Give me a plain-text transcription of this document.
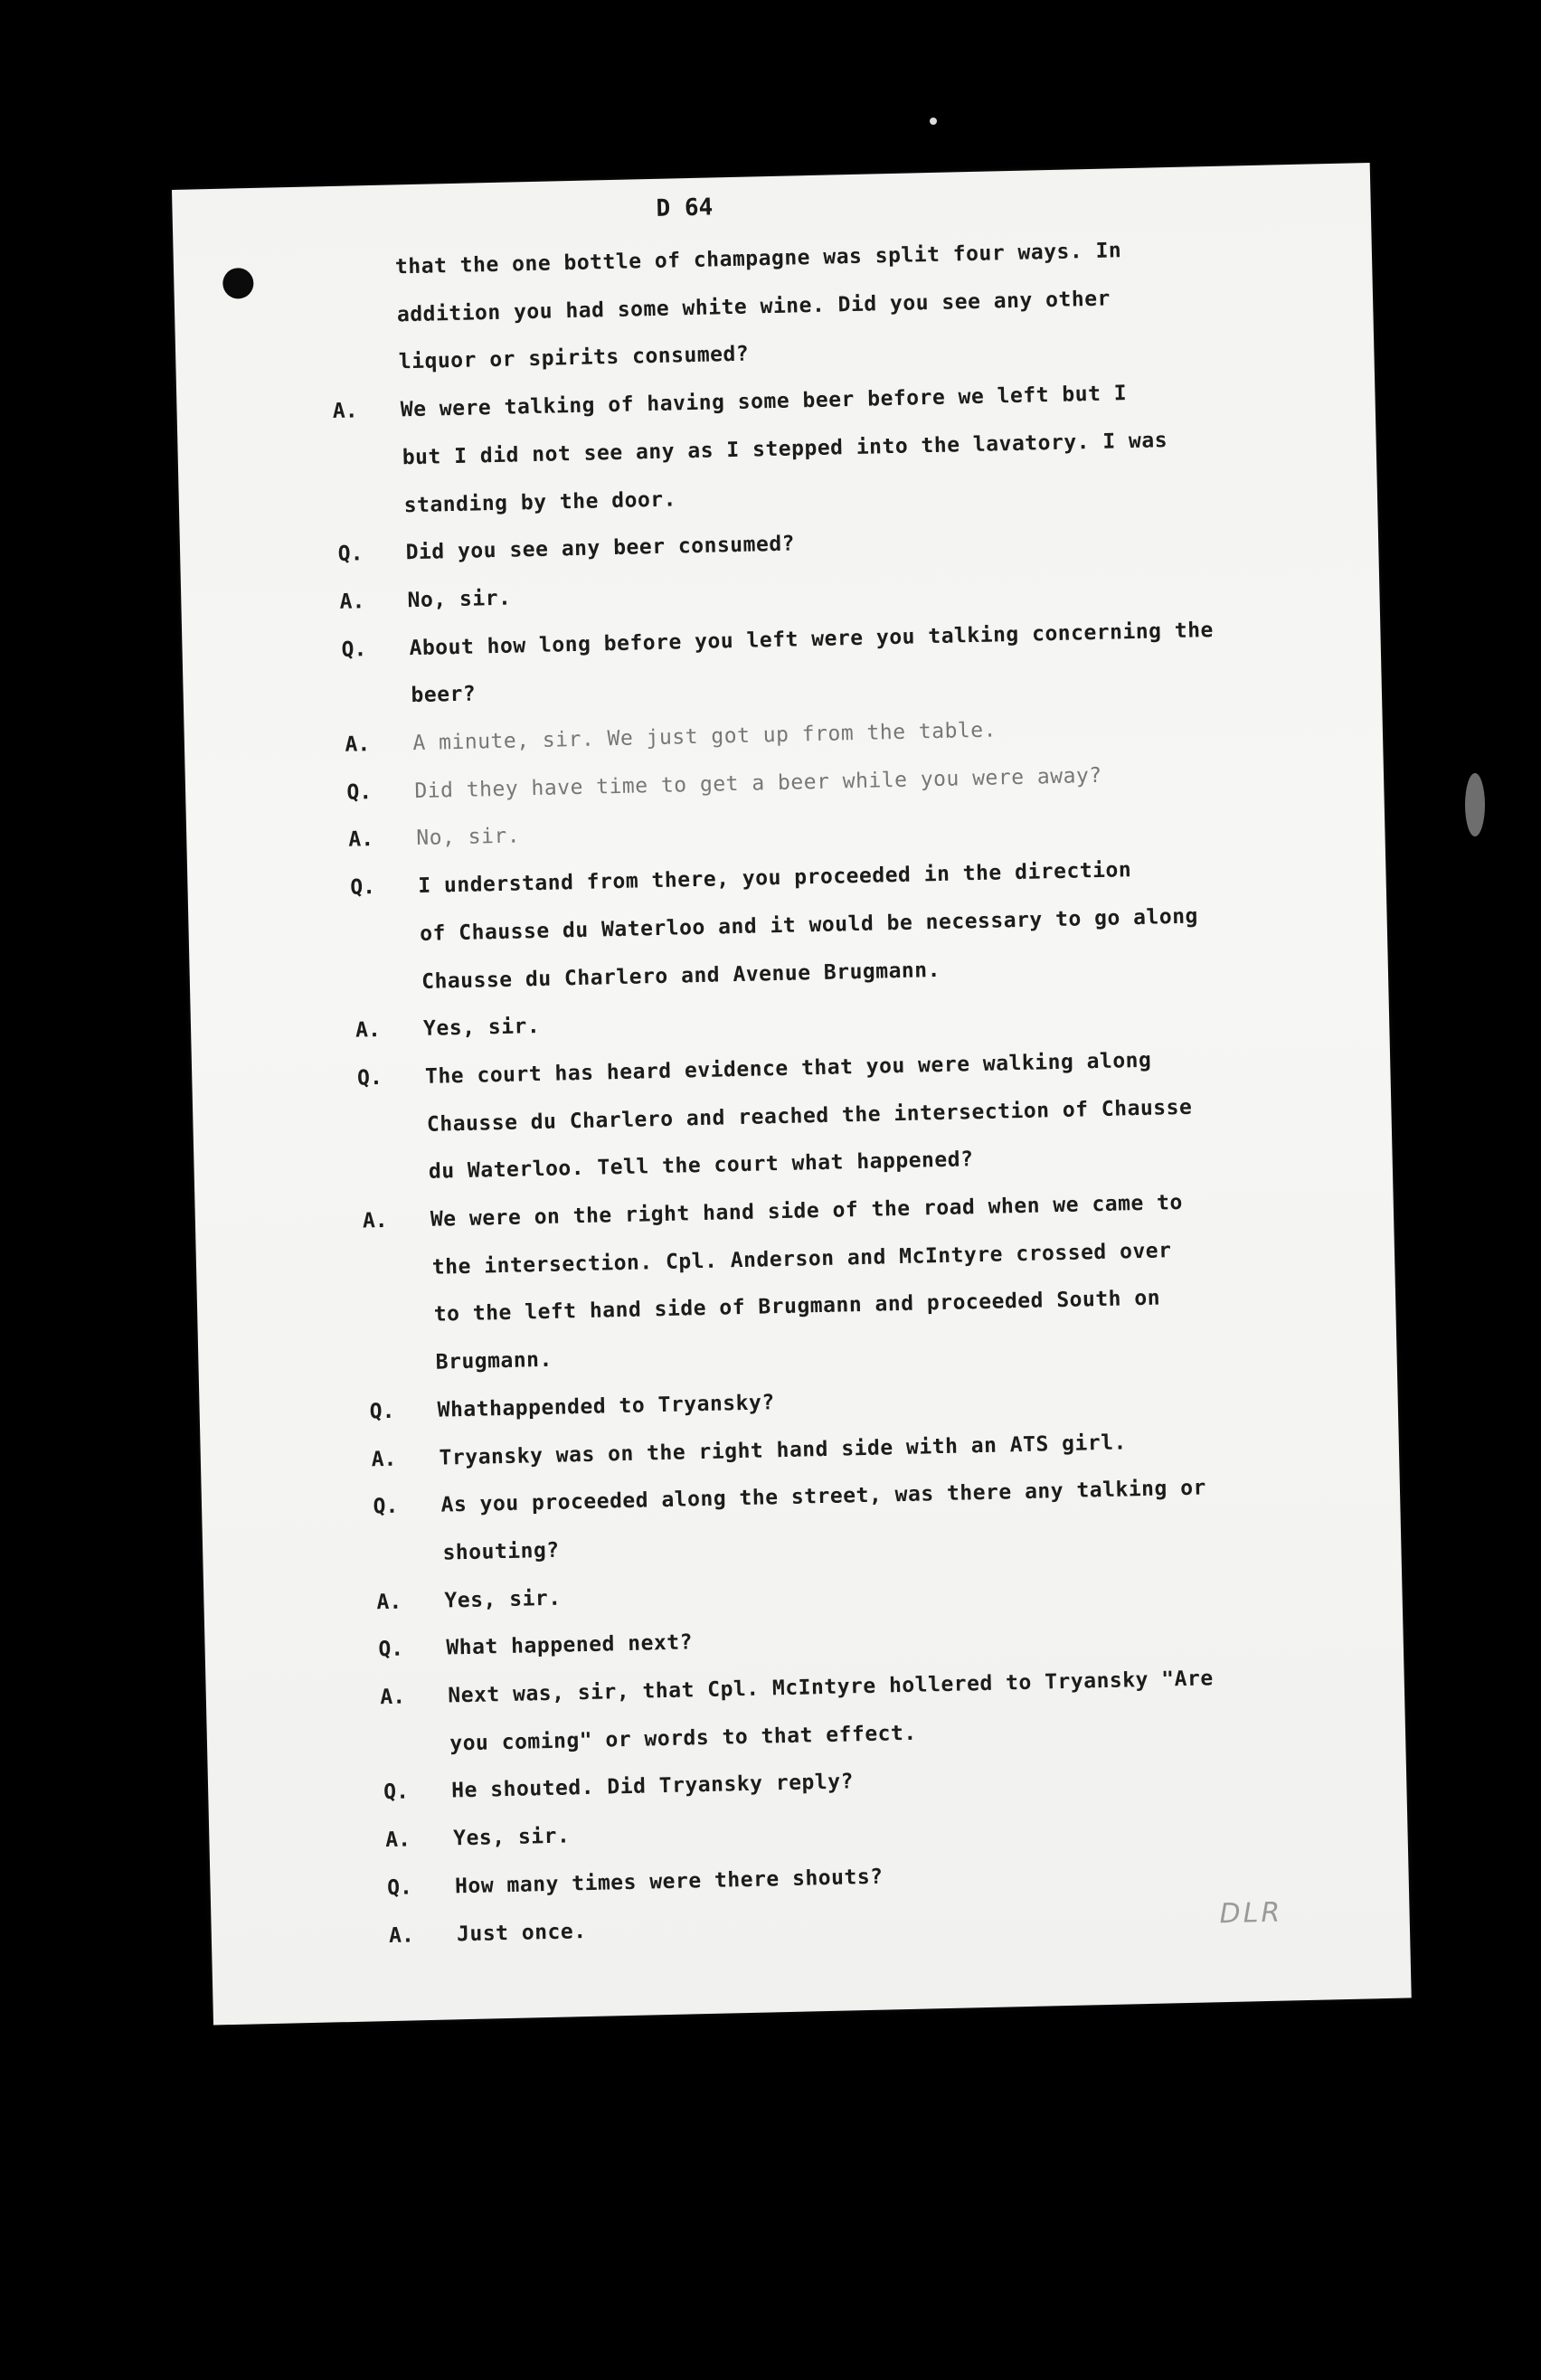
D 64
that the one bottle of champagne was split four ways. In
addition you had some white wine. Did you see any other
liquor or spirits consumed?
A. We were talking of having some beer before we left but I
but I did not see any as I stepped into the lavatory. I was
standing by the door.
Q. Did you see any beer consumed?
A. No, sir.
Q. About how long before you left were you talking concerning the
beer?
A. A minute, sir. We just got up from the table.
Q. Did they have time to get a beer while you were away?
A. No, sir.
Q. I understand from there, you proceeded in the direction
of Chausse du Waterloo and it would be necessary to go along
Chausse du Charlero and Avenue Brugmann.
A. Yes, sir.
Q. The court has heard evidence that you were walking along
Chausse du Charlero and reached the intersection of Chausse
du Waterloo. Tell the court what happened?
A. We were on the right hand side of the road when we came to
the intersection. Cpl. Anderson and McIntyre crossed over
to the left hand side of Brugmann and proceeded South on
Brugmann.
Q. Whathappended to Tryansky?
A. Tryansky was on the right hand side with an ATS girl.
Q. As you proceeded along the street, was there any talking or
shouting?
A. Yes, sir.
Q. What happened next?
A. Next was, sir, that Cpl. McIntyre hollered to Tryansky "Are
you coming" or words to that effect.
Q. He shouted. Did Tryansky reply?
A. Yes, sir.
Q. How many times were there shouts?
A. Just once.
DLR
